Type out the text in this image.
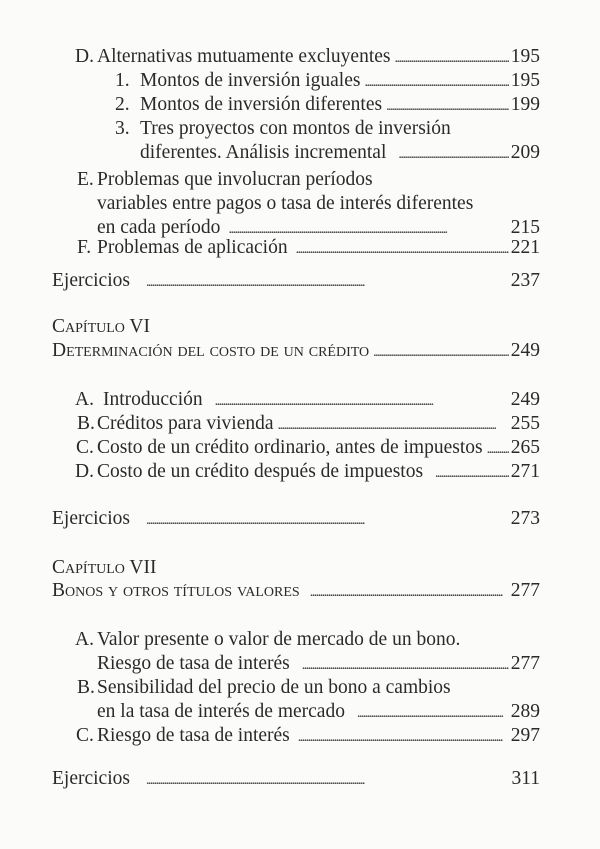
D. Alternativas mutuamente excluyentes . . .	195
1. Montos de inversión iguales . . .	195
2. Montos de inversión diferentes . . .	199
3. Tres proyectos con montos de inversión
diferentes. Análisis incremental . . .	209
E. Problemas que involucran períodos
variables entre pagos o tasa de interés diferentes
en cada período . . .	215
F. Problemas de aplicación . . .	221
Ejercicios . . .	237
Capítulo VI
Determinación del costo de un crédito . . .	249
A. Introducción . . .	249
B. Créditos para vivienda . . .	255
C. Costo de un crédito ordinario, antes de impuestos . . . 265
D. Costo de un crédito después de impuestos . . .	271
Ejercicios . . .	273
Capítulo VII
Bonos y otros títulos valores . . .	277
A. Valor presente o valor de mercado de un bono.
Riesgo de tasa de interés . . .	277
B. Sensibilidad del precio de un bono a cambios
en la tasa de interés de mercado . . .	289
C. Riesgo de tasa de interés . . .	297
Ejercicios . . .	311
